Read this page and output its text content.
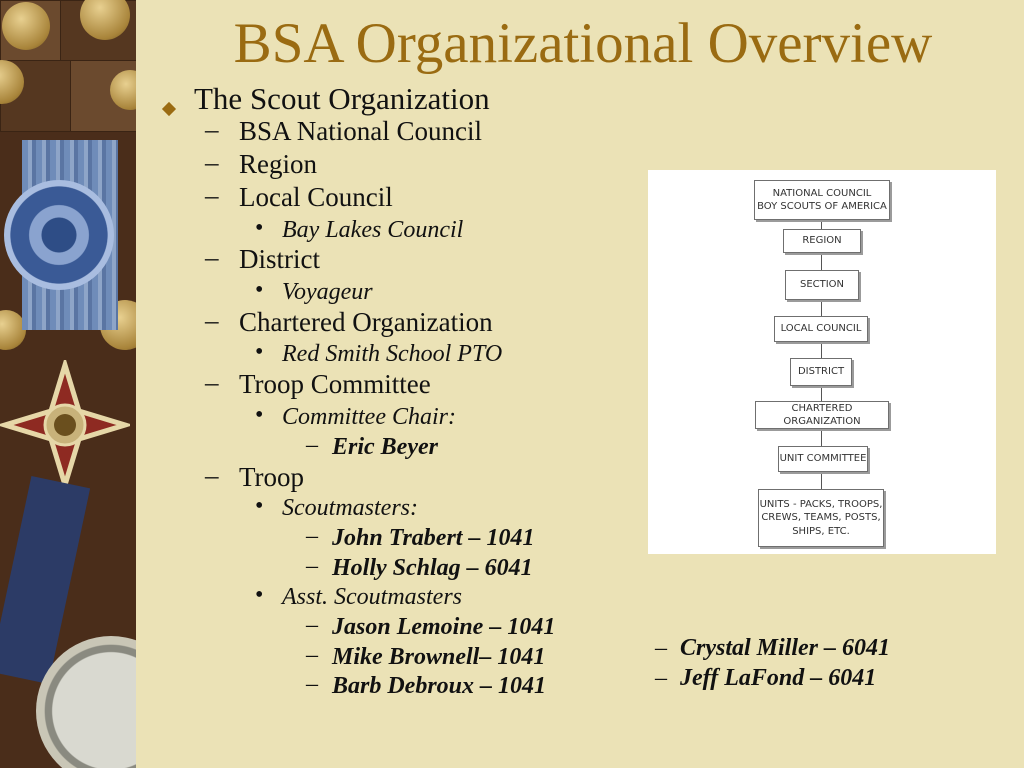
BSA Organizational Overview
The Scout Organization
– BSA National Council
– Region
– Local Council
• Bay Lakes Council
– District
• Voyageur
– Chartered Organization
• Red Smith School PTO
– Troop Committee
• Committee Chair:
– Eric Beyer
– Troop
• Scoutmasters:
– John Trabert – 1041
– Holly Schlag – 6041
• Asst. Scoutmasters
– Jason Lemoine – 1041
– Mike Brownell– 1041
– Barb Debroux – 1041
NATIONAL COUNCIL
BOY SCOUTS OF AMERICA
REGION
SECTION
LOCAL COUNCIL
DISTRICT
CHARTERED ORGANIZATION
UNIT COMMITTEE
UNITS - PACKS, TROOPS,
CREWS, TEAMS, POSTS,
SHIPS, ETC.
– Crystal Miller – 6041
– Jeff LaFond – 6041
